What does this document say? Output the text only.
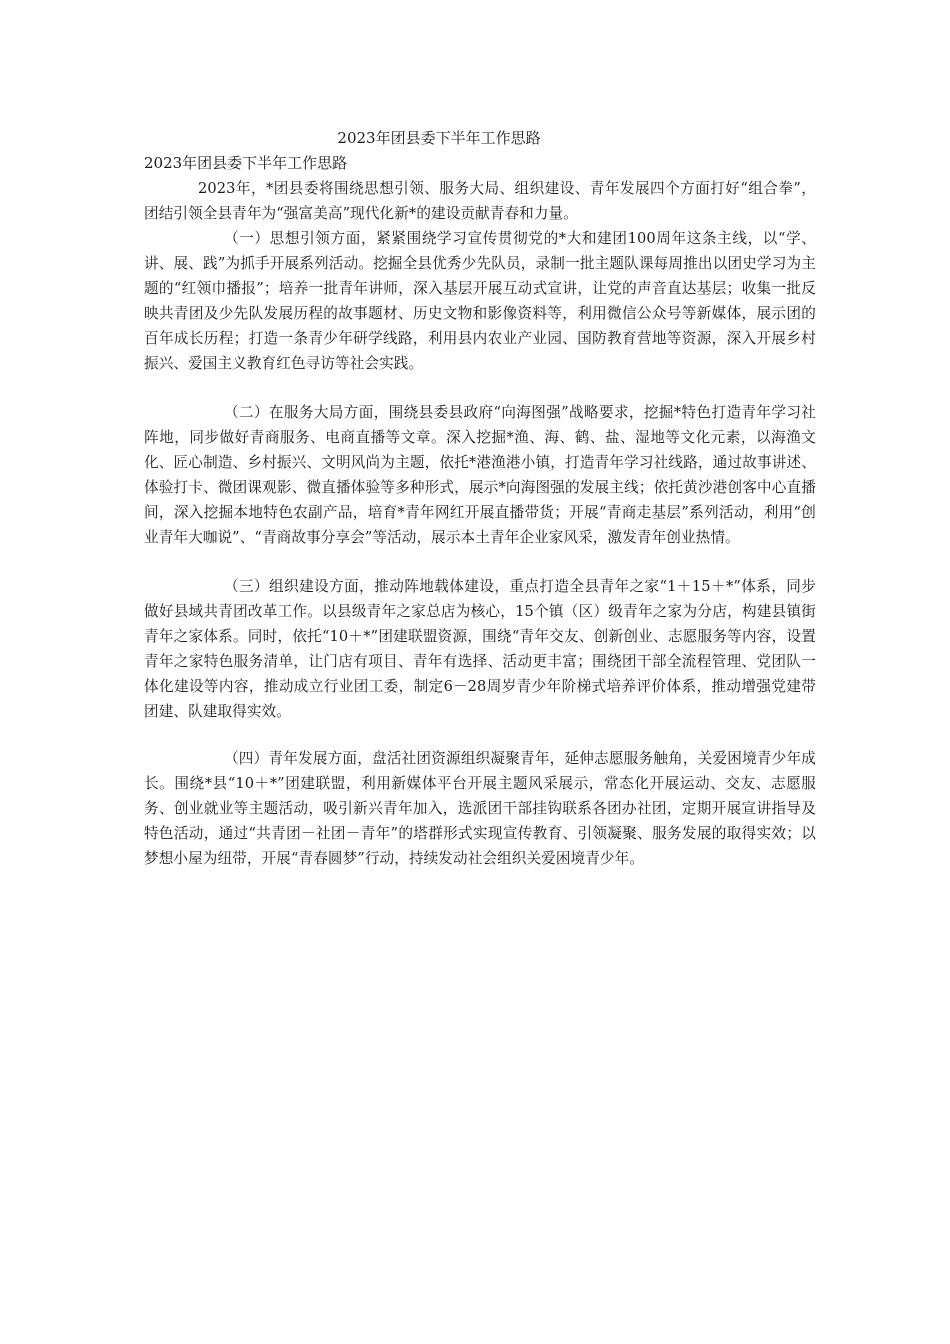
2023年团县委下半年工作思路
2023年团县委下半年工作思路

2023年，*团县委将围绕思想引领、服务大局、组织建设、青年发展四个方面打好“组合拳”，团结引领全县青年为“强富美高”现代化新*的建设贡献青春和力量。

（一）思想引领方面，紧紧围绕学习宣传贯彻党的*大和建团100周年这条主线，以“学、讲、展、践”为抓手开展系列活动。挖掘全县优秀少先队员，录制一批主题队课每周推出以团史学习为主题的“红领巾播报”；培养一批青年讲师，深入基层开展互动式宣讲，让党的声音直达基层；收集一批反映共青团及少先队发展历程的故事题材、历史文物和影像资料等，利用微信公众号等新媒体，展示团的百年成长历程；打造一条青少年研学线路，利用县内农业产业园、国防教育营地等资源，深入开展乡村振兴、爱国主义教育红色寻访等社会实践。

（二）在服务大局方面，围绕县委县政府“向海图强”战略要求，挖掘*特色打造青年学习社阵地，同步做好青商服务、电商直播等文章。深入挖掘*渔、海、鹤、盐、湿地等文化元素，以海渔文化、匠心制造、乡村振兴、文明风尚为主题，依托*港渔港小镇，打造青年学习社线路，通过故事讲述、体验打卡、微团课观影、微直播体验等多种形式，展示*向海图强的发展主线；依托黄沙港创客中心直播间，深入挖掘本地特色农副产品，培育*青年网红开展直播带货；开展“青商走基层”系列活动，利用“创业青年大咖说”、“青商故事分享会”等活动，展示本土青年企业家风采，激发青年创业热情。

（三）组织建设方面，推动阵地载体建设，重点打造全县青年之家“1＋15＋*”体系，同步做好县域共青团改革工作。以县级青年之家总店为核心，15个镇（区）级青年之家为分店，构建县镇街青年之家体系。同时，依托“10＋*”团建联盟资源，围绕“青年交友、创新创业、志愿服务等内容，设置青年之家特色服务清单，让门店有项目、青年有选择、活动更丰富；围绕团干部全流程管理、党团队一体化建设等内容，推动成立行业团工委，制定6－28周岁青少年阶梯式培养评价体系，推动增强党建带团建、队建取得实效。

（四）青年发展方面，盘活社团资源组织凝聚青年，延伸志愿服务触角，关爱困境青少年成长。围绕*县“10＋*”团建联盟，利用新媒体平台开展主题风采展示，常态化开展运动、交友、志愿服务、创业就业等主题活动，吸引新兴青年加入，选派团干部挂钩联系各团办社团，定期开展宣讲指导及特色活动，通过“共青团－社团－青年”的塔群形式实现宣传教育、引领凝聚、服务发展的取得实效；以梦想小屋为纽带，开展“青春圆梦”行动，持续发动社会组织关爱困境青少年。
